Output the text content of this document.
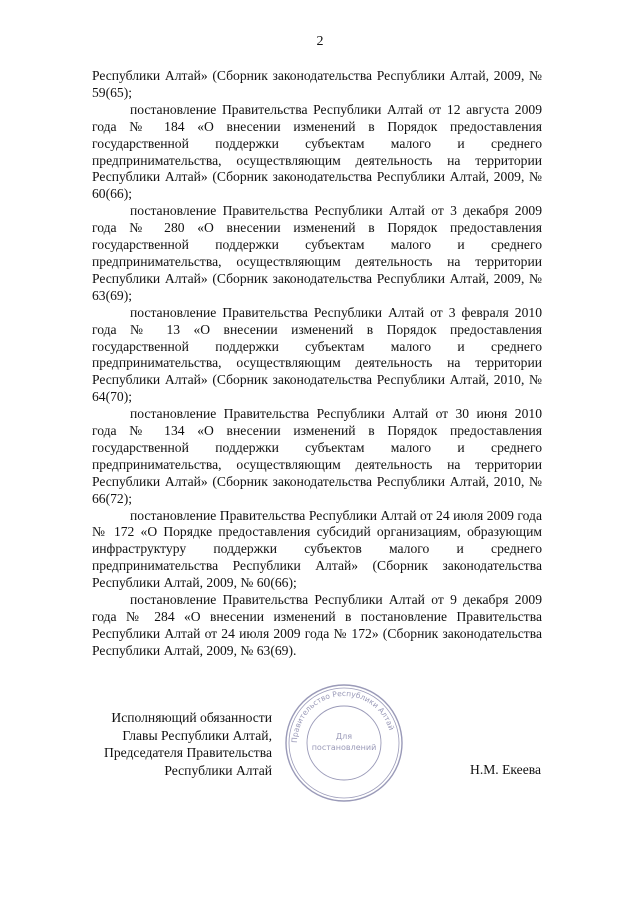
2

Республики Алтай» (Сборник законодательства Республики Алтай, 2009, № 59(65);

постановление Правительства Республики Алтай от 12 августа 2009 года № 184 «О внесении изменений в Порядок предоставления государственной поддержки субъектам малого и среднего предпринимательства, осуществляющим деятельность на территории Республики Алтай» (Сборник законодательства Республики Алтай, 2009, № 60(66);

постановление Правительства Республики Алтай от 3 декабря 2009 года № 280 «О внесении изменений в Порядок предоставления государственной поддержки субъектам малого и среднего предпринимательства, осуществляющим деятельность на территории Республики Алтай» (Сборник законодательства Республики Алтай, 2009, № 63(69);

постановление Правительства Республики Алтай от 3 февраля 2010 года № 13 «О внесении изменений в Порядок предоставления государственной поддержки субъектам малого и среднего предпринимательства, осуществляющим деятельность на территории Республики Алтай» (Сборник законодательства Республики Алтай, 2010, № 64(70);

постановление Правительства Республики Алтай от 30 июня 2010 года № 134 «О внесении изменений в Порядок предоставления государственной поддержки субъектам малого и среднего предпринимательства, осуществляющим деятельность на территории Республики Алтай» (Сборник законодательства Республики Алтай, 2010, № 66(72);

постановление Правительства Республики Алтай от 24 июля 2009 года № 172 «О Порядке предоставления субсидий организациям, образующим инфраструктуру поддержки субъектов малого и среднего предпринимательства Республики Алтай» (Сборник законодательства Республики Алтай, 2009, № 60(66);

постановление Правительства Республики Алтай от 9 декабря 2009 года № 284 «О внесении изменений в постановление Правительства Республики Алтай от 24 июля 2009 года № 172» (Сборник законодательства Республики Алтай, 2009, № 63(69).

Исполняющий обязанности
Главы Республики Алтай,
Председателя Правительства
Республики Алтай	Н.М. Екеева
Правительство Республики Алтай
Для
постановлений
